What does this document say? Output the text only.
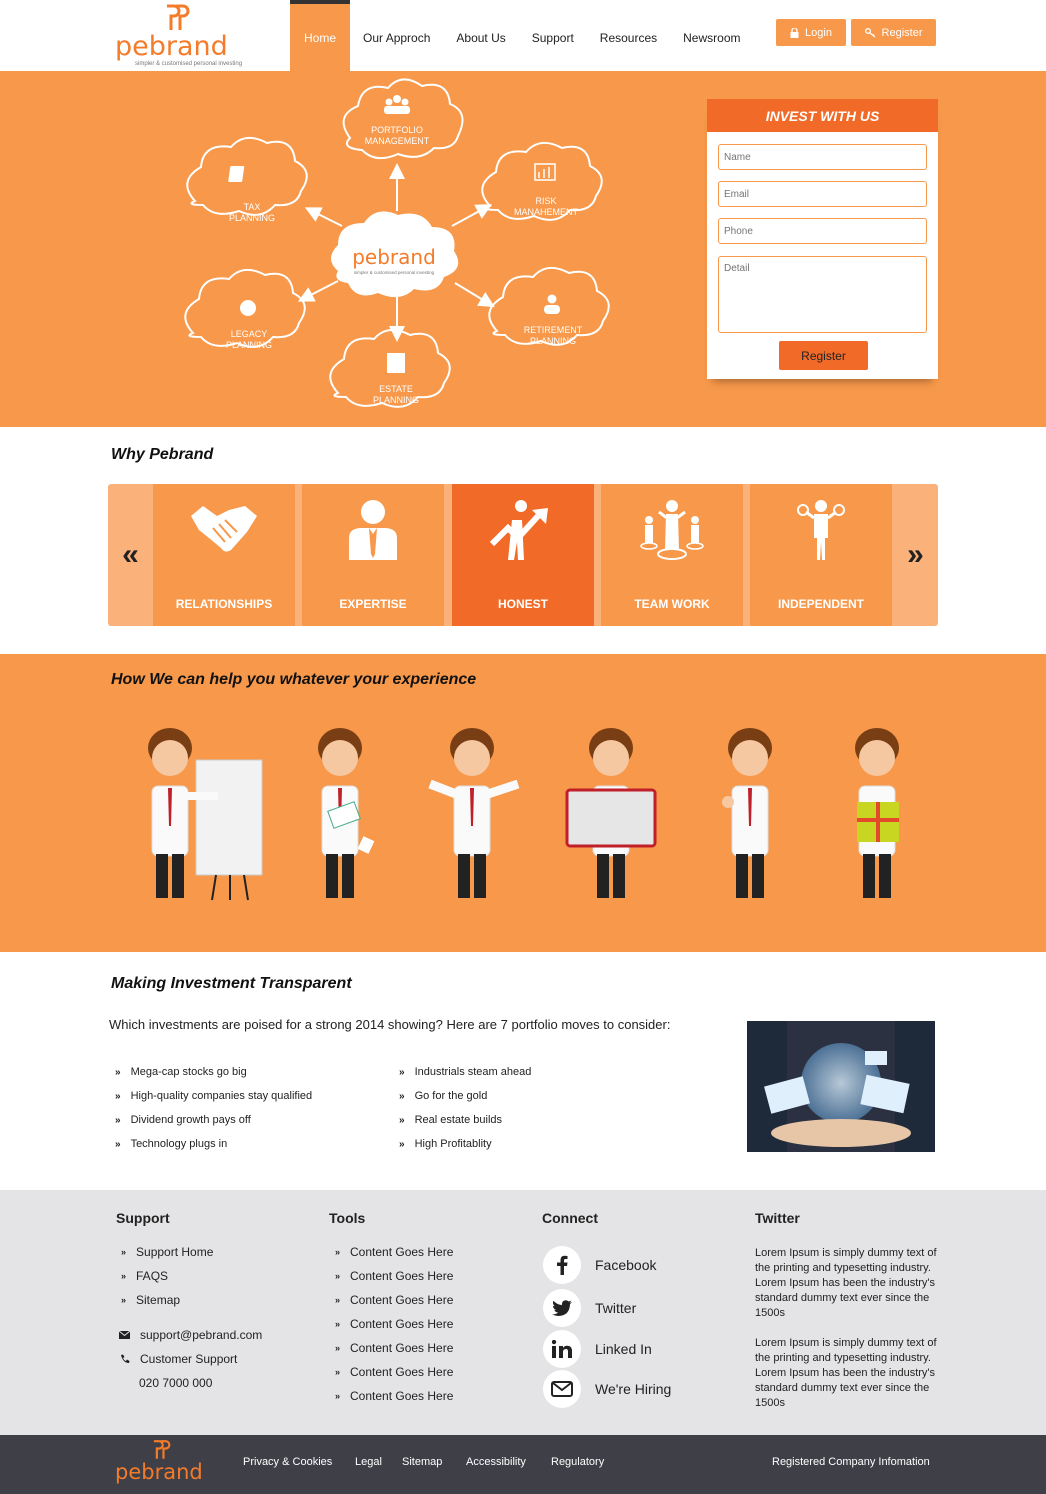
pebrand
simpler & customised personal investing
Home	Our Approch	About Us	Support	Resources	Newsroom	Login	Register
PORTFOLIO
MANAGEMENT
TAX
PLANNING
RISK
MANAHEMENT
LEGACY
PLANNING
RETIREMENT
PLANNING
ESTATE
PLANNING
pebrand
simpler & customised personal investing
INVEST WITH US
Name
Email
Phone
Detail
Register
Why Pebrand
«
RELATIONSHIPS	EXPERTISE	HONEST	TEAM WORK	INDEPENDENT
»
How We can help you whatever your experience
Making Investment Transparent
Which investments are poised for a strong 2014 showing? Here are 7 portfolio moves to consider:
» Mega-cap stocks go big
» High-quality companies stay qualified
» Dividend growth pays off
» Technology plugs in
» Industrials steam ahead
» Go for the gold
» Real estate builds
» High Profitablity
Support
» Support Home
» FAQS
» Sitemap
support@pebrand.com
Customer Support
020 7000 000
Tools
» Content Goes Here
» Content Goes Here
» Content Goes Here
» Content Goes Here
» Content Goes Here
» Content Goes Here
» Content Goes Here
Connect
Facebook
Twitter
Linked In
We're Hiring
Twitter
Lorem Ipsum is simply dummy text of the printing and typesetting industry. Lorem Ipsum has been the industry's standard dummy text ever since the 1500s
Lorem Ipsum is simply dummy text of the printing and typesetting industry. Lorem Ipsum has been the industry's standard dummy text ever since the 1500s
pebrand	Privacy & Cookies Legal Sitemap Accessibility Regulatory	Registered Company Infomation
